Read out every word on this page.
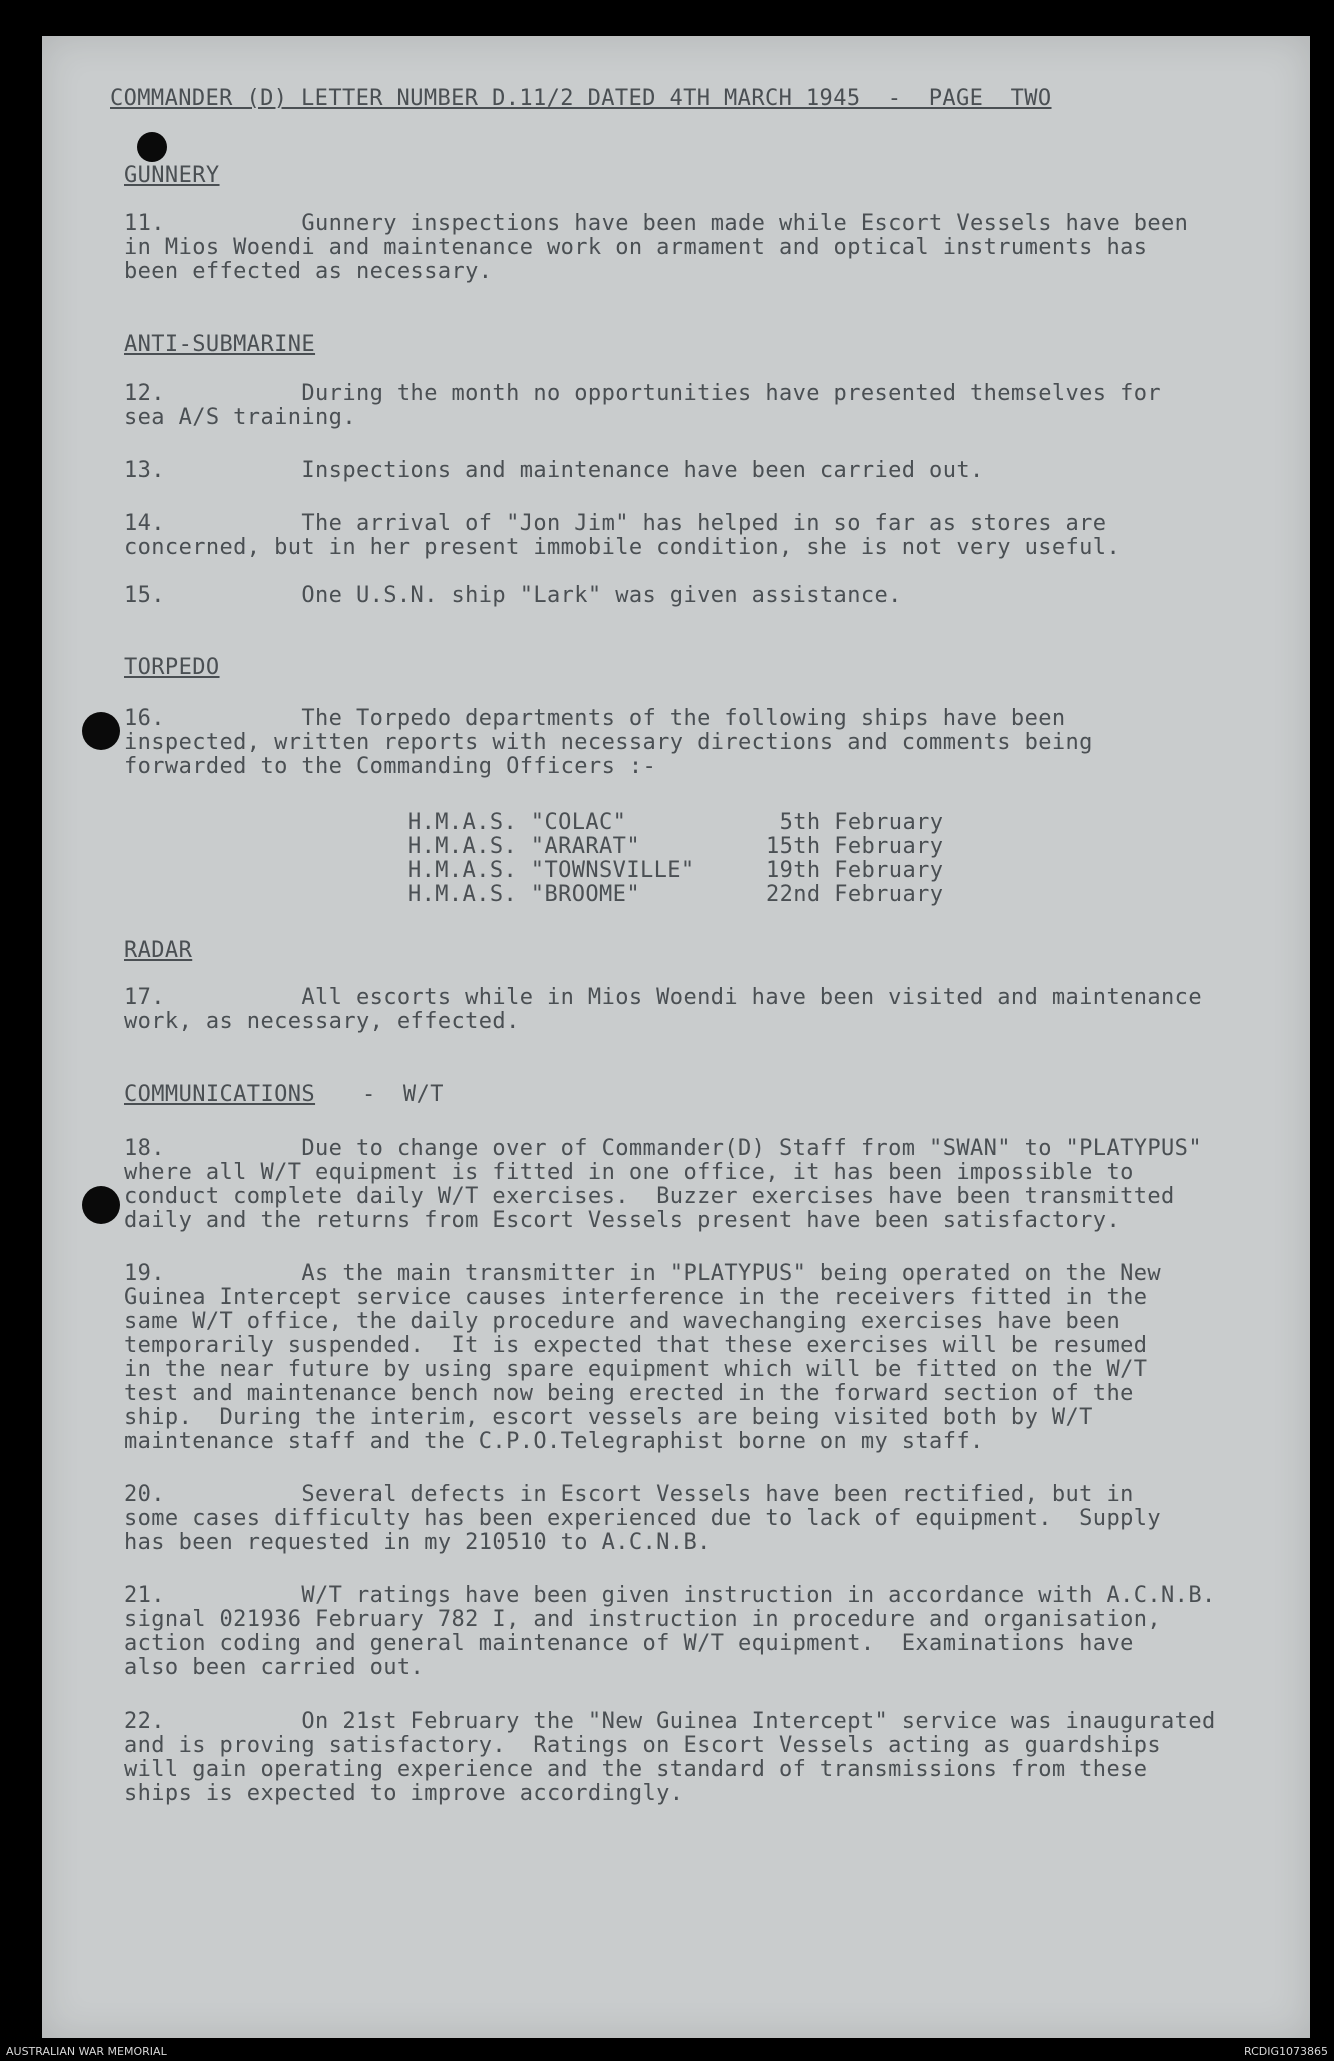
COMMANDER (D) LETTER NUMBER D.11/2 DATED 4TH MARCH 1945  -  PAGE  TWO
GUNNERY
11.          Gunnery inspections have been made while Escort Vessels have been
in Mios Woendi and maintenance work on armament and optical instruments has
been effected as necessary.
ANTI-SUBMARINE
12.          During the month no opportunities have presented themselves for
sea A/S training.
13.          Inspections and maintenance have been carried out.
14.          The arrival of "Jon Jim" has helped in so far as stores are
concerned, but in her present immobile condition, she is not very useful.
15.          One U.S.N. ship "Lark" was given assistance.
TORPEDO
16.          The Torpedo departments of the following ships have been
inspected, written reports with necessary directions and comments being
forwarded to the Commanding Officers :-
H.M.A.S. "COLAC"	5th February
H.M.A.S. "ARARAT"	15th February
H.M.A.S. "TOWNSVILLE"	19th February
H.M.A.S. "BROOME"	22nd February
RADAR
17.          All escorts while in Mios Woendi have been visited and maintenance
work, as necessary, effected.
COMMUNICATIONS -  W/T
18.          Due to change over of Commander(D) Staff from "SWAN" to "PLATYPUS"
where all W/T equipment is fitted in one office, it has been impossible to
conduct complete daily W/T exercises.  Buzzer exercises have been transmitted
daily and the returns from Escort Vessels present have been satisfactory.
19.          As the main transmitter in "PLATYPUS" being operated on the New
Guinea Intercept service causes interference in the receivers fitted in the
same W/T office, the daily procedure and wavechanging exercises have been
temporarily suspended.  It is expected that these exercises will be resumed
in the near future by using spare equipment which will be fitted on the W/T
test and maintenance bench now being erected in the forward section of the
ship.  During the interim, escort vessels are being visited both by W/T
maintenance staff and the C.P.O.Telegraphist borne on my staff.
20.          Several defects in Escort Vessels have been rectified, but in
some cases difficulty has been experienced due to lack of equipment.  Supply
has been requested in my 210510 to A.C.N.B.
21.          W/T ratings have been given instruction in accordance with A.C.N.B.
signal 021936 February 782 I, and instruction in procedure and organisation,
action coding and general maintenance of W/T equipment.  Examinations have
also been carried out.
22.          On 21st February the "New Guinea Intercept" service was inaugurated
and is proving satisfactory.  Ratings on Escort Vessels acting as guardships
will gain operating experience and the standard of transmissions from these
ships is expected to improve accordingly.
AUSTRALIAN WAR MEMORIAL	RCDIG1073865
